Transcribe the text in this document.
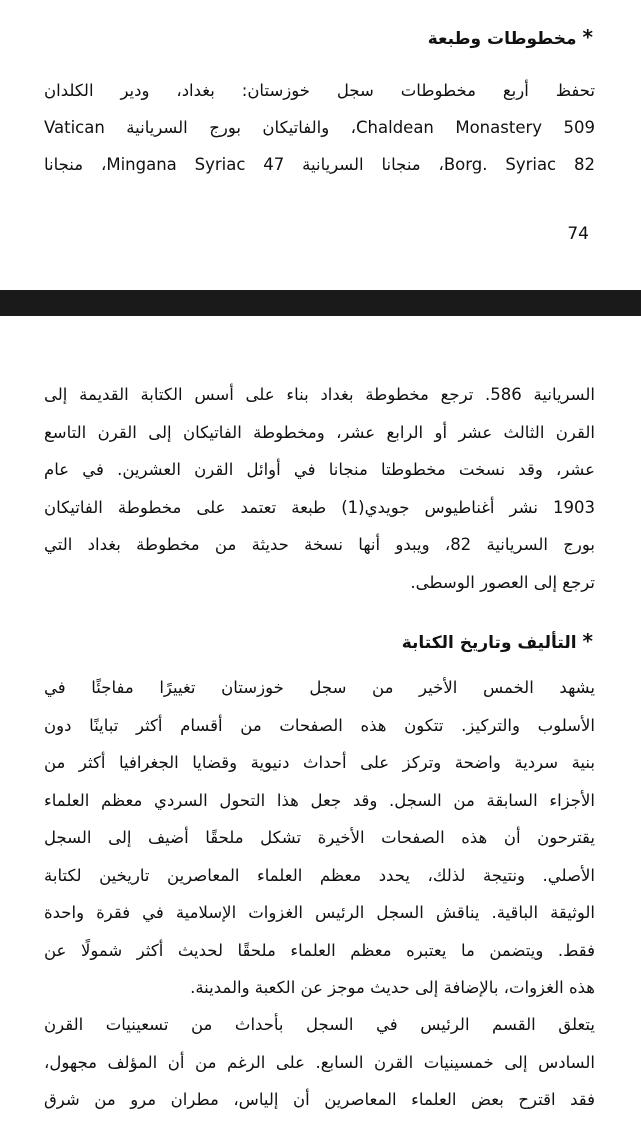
*مخطوطات وطبعة
تحفظ أربع مخطوطات سجل خوزستان: بغداد، ودير الكلدان
Chaldean Monastery 509، والفاتيكان بورج السريانية Vatican
Borg. Syriac 82، منجانا السريانية Mingana Syriac 47، منجانا
74
السريانية 586. ترجع مخطوطة بغداد بناء على أسس الكتابة القديمة إلى
القرن الثالث عشر أو الرابع عشر، ومخطوطة الفاتيكان إلى القرن التاسع
عشر، وقد نسخت مخطوطتا منجانا في أوائل القرن العشرين. في عام
1903 نشر أغناطيوس جويدي(1) طبعة تعتمد على مخطوطة الفاتيكان
بورج السريانية 82، ويبدو أنها نسخة حديثة من مخطوطة بغداد التي
ترجع إلى العصور الوسطى.
*التأليف وتاريخ الكتابة
يشهد الخمس الأخير من سجل خوزستان تغييرًا مفاجئًا في
الأسلوب والتركيز. تتكون هذه الصفحات من أقسام أكثر تباينًا دون
بنية سردية واضحة وتركز على أحداث دنيوية وقضايا الجغرافيا أكثر من
الأجزاء السابقة من السجل. وقد جعل هذا التحول السردي معظم العلماء
يقترحون أن هذه الصفحات الأخيرة تشكل ملحقًا أضيف إلى السجل
الأصلي. ونتيجة لذلك، يحدد معظم العلماء المعاصرين تاريخين لكتابة
الوثيقة الباقية. يناقش السجل الرئيس الغزوات الإسلامية في فقرة واحدة
فقط. ويتضمن ما يعتبره معظم العلماء ملحقًا لحديث أكثر شمولًا عن
هذه الغزوات، بالإضافة إلى حديث موجز عن الكعبة والمدينة.
يتعلق القسم الرئيس في السجل بأحداث من تسعينيات القرن
السادس إلى خمسينيات القرن السابع. على الرغم من أن المؤلف مجهول،
فقد اقترح بعض العلماء المعاصرين أن إلياس، مطران مرو من شرق
